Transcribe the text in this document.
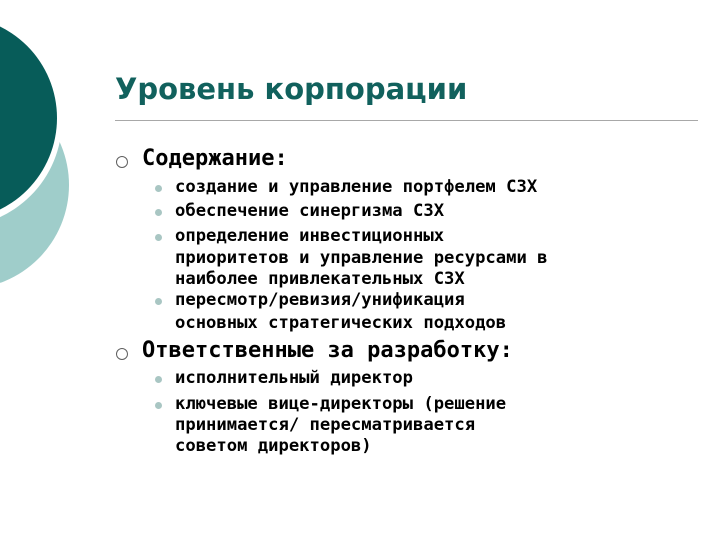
Уровень корпорации
Содержание:
создание и управление портфелем СЗХ
обеспечение синергизма СЗХ
определение инвестиционных
приоритетов и управление ресурсами в
наиболее привлекательных СЗХ
пересмотр/ревизия/унификация
основных стратегических подходов
Ответственные за разработку:
исполнительный директор
ключевые вице-директоры (решение
принимается/ пересматривается
советом директоров)
